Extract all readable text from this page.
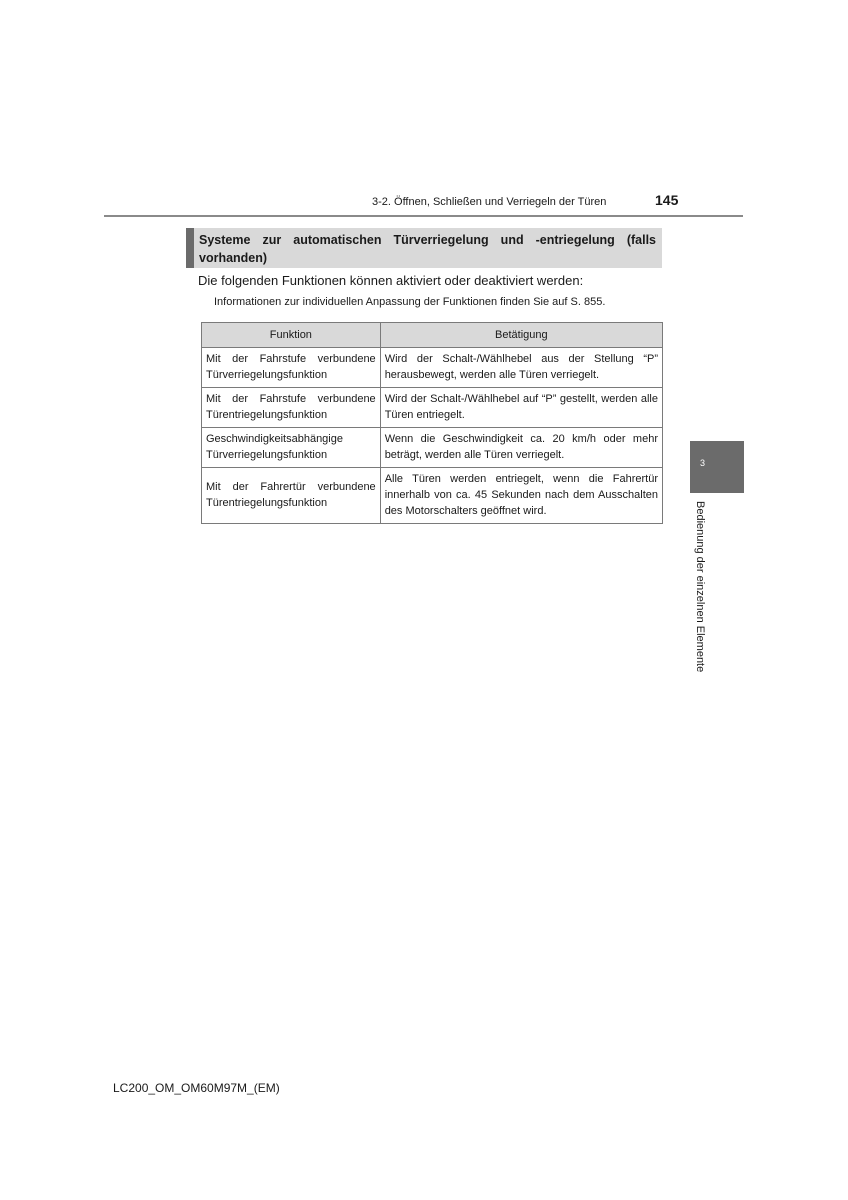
3-2. Öffnen, Schließen und Verriegeln der Türen	145
Systeme zur automatischen Türverriegelung und -entriegelung (falls vorhanden)
Die folgenden Funktionen können aktiviert oder deaktiviert werden:
Informationen zur individuellen Anpassung der Funktionen finden Sie auf S. 855.
Funktion	Betätigung
Mit der Fahrstufe verbundene Türverriegelungsfunktion	Wird der Schalt-/Wählhebel aus der Stellung “P” herausbewegt, werden alle Türen verriegelt.
Mit der Fahrstufe verbundene Türentriegelungsfunktion	Wird der Schalt-/Wählhebel auf “P” gestellt, werden alle Türen entriegelt.
Geschwindigkeitsabhängige Türverriegelungsfunktion	Wenn die Geschwindigkeit ca. 20 km/h oder mehr beträgt, werden alle Türen verriegelt.
Mit der Fahrertür verbundene Türentriegelungsfunktion	Alle Türen werden entriegelt, wenn die Fahrertür innerhalb von ca. 45 Sekunden nach dem Ausschalten des Motorschalters geöffnet wird.
3
Bedienung der einzelnen Elemente
LC200_OM_OM60M97M_(EM)
